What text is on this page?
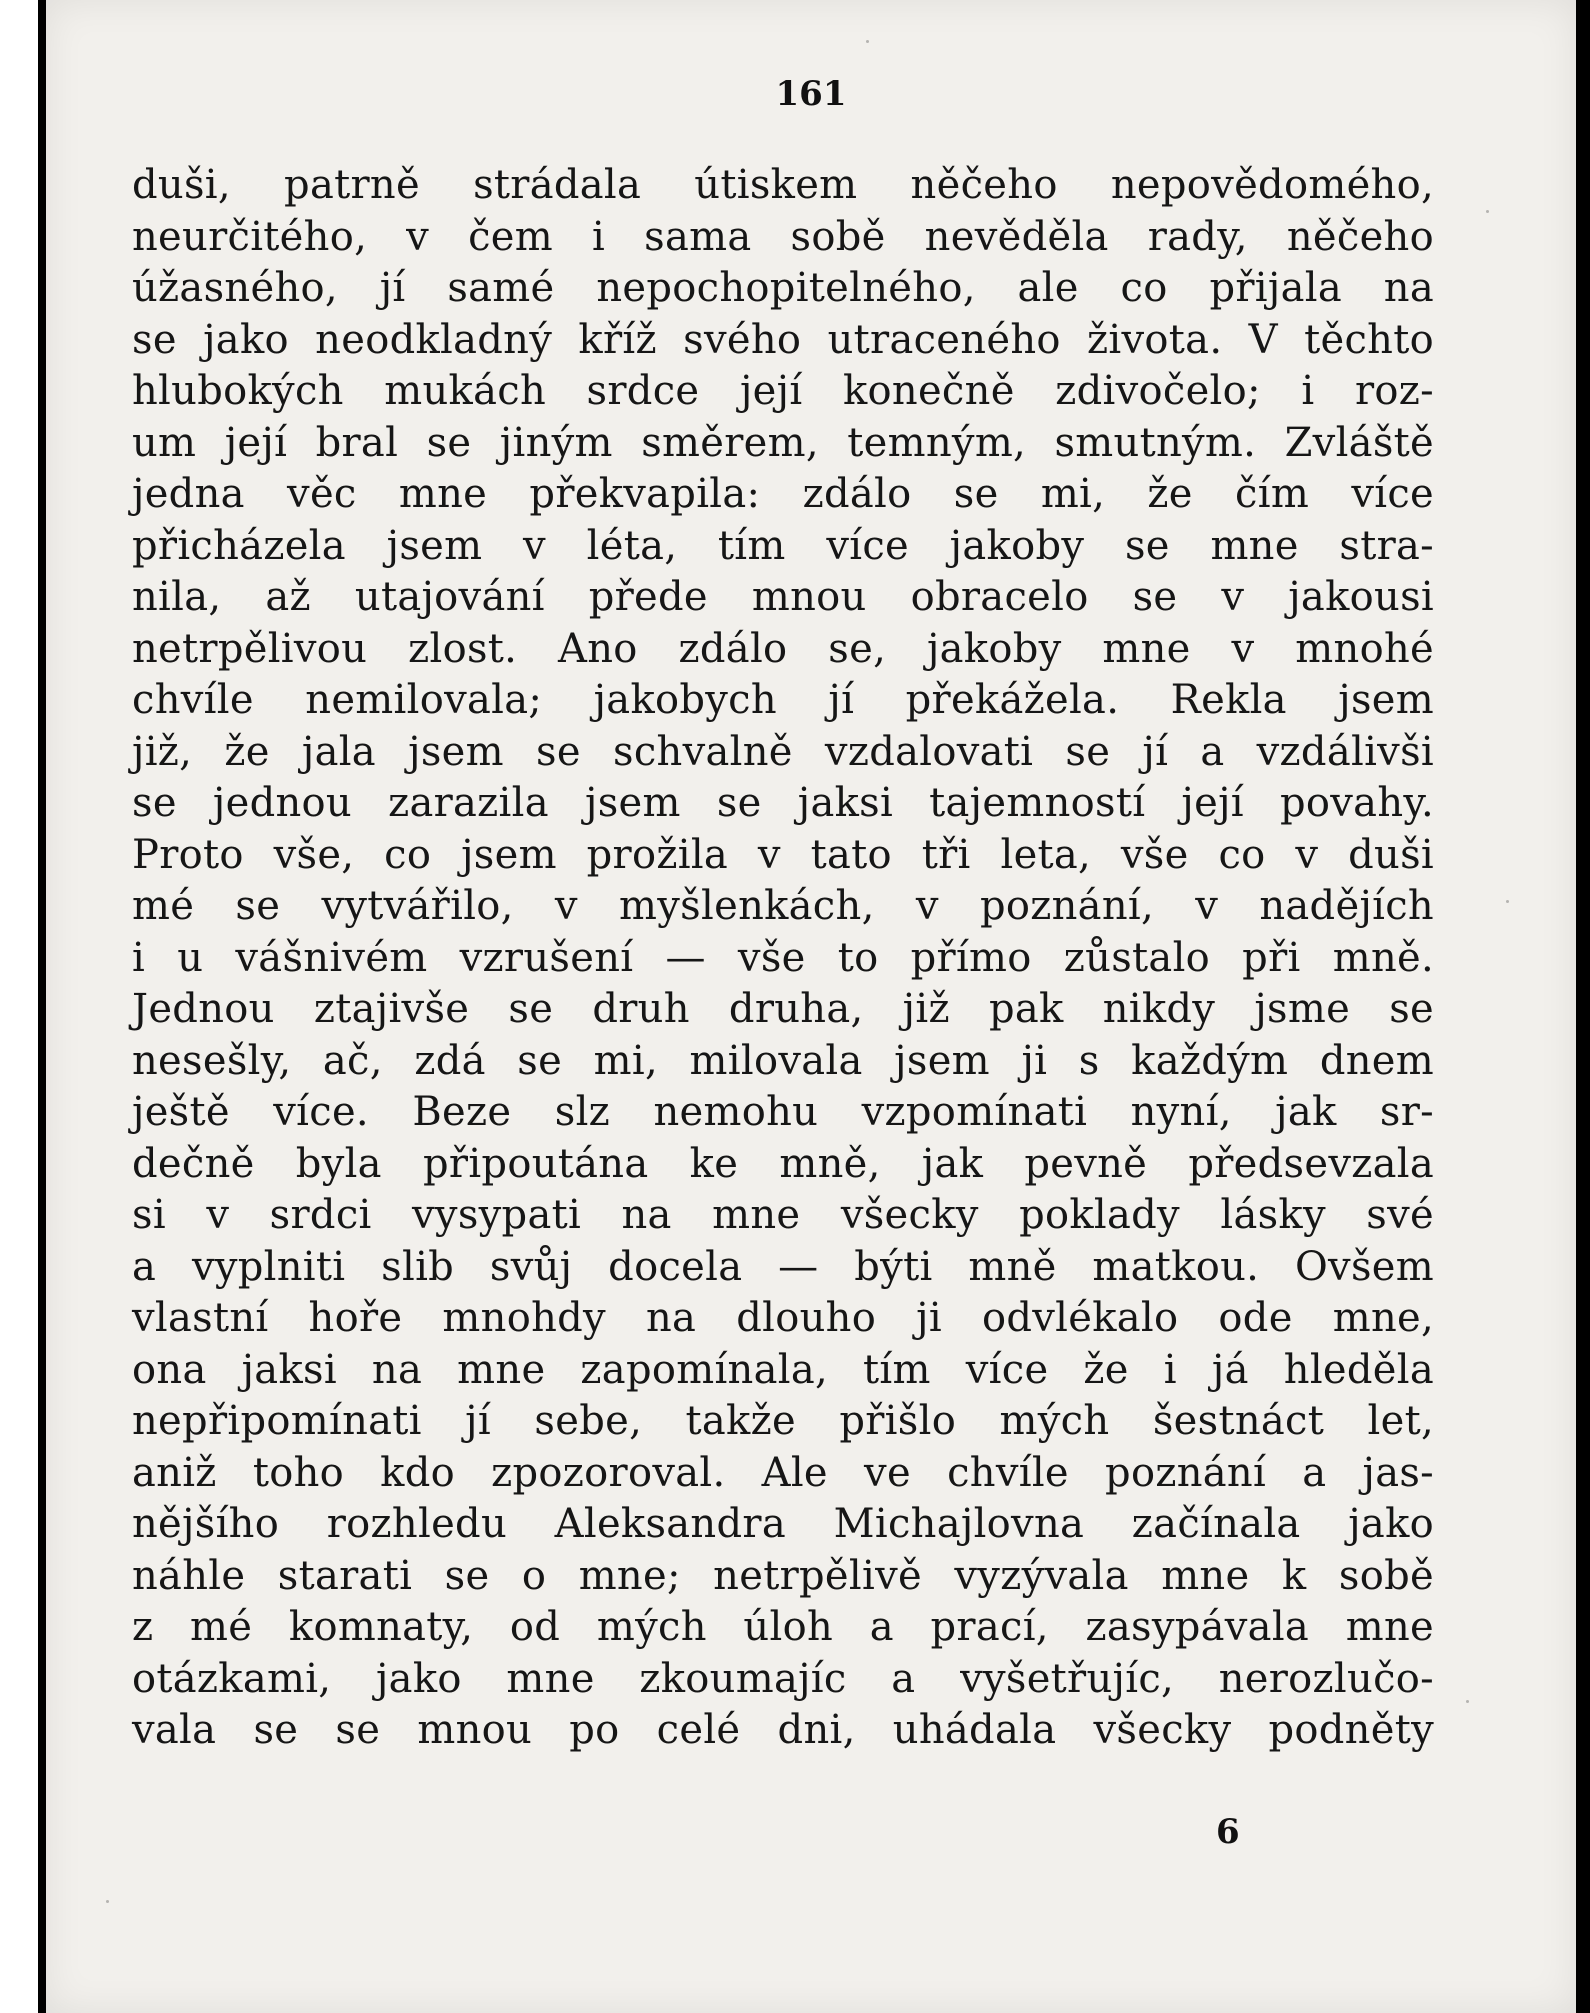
161
duši, patrně strádala útiskem něčeho nepovědomého,
neurčitého, v čem i sama sobě nevěděla rady, něčeho
úžasného, jí samé nepochopitelného, ale co přijala na
se jako neodkladný kříž svého utraceného života. V těchto
hlubokých mukách srdce její konečně zdivočelo; i roz-
um její bral se jiným směrem, temným, smutným. Zvláště
jedna věc mne překvapila: zdálo se mi, že čím více
přicházela jsem v léta, tím více jakoby se mne stra-
nila, až utajování přede mnou obracelo se v jakousi
netrpělivou zlost. Ano zdálo se, jakoby mne v mnohé
chvíle nemilovala; jakobych jí překážela. Rekla jsem
již, že jala jsem se schvalně vzdalovati se jí a vzdálivši
se jednou zarazila jsem se jaksi tajemností její povahy.
Proto vše, co jsem prožila v tato tři leta, vše co v duši
mé se vytvářilo, v myšlenkách, v poznání, v nadějích
i u vášnivém vzrušení — vše to přímo zůstalo při mně.
Jednou ztajivše se druh druha, již pak nikdy jsme se
nesešly, ač, zdá se mi, milovala jsem ji s každým dnem
ještě více. Beze slz nemohu vzpomínati nyní, jak sr-
dečně byla připoutána ke mně, jak pevně předsevzala
si v srdci vysypati na mne všecky poklady lásky své
a vyplniti slib svůj docela — býti mně matkou. Ovšem
vlastní hoře mnohdy na dlouho ji odvlékalo ode mne,
ona jaksi na mne zapomínala, tím více že i já hleděla
nepřipomínati jí sebe, takže přišlo mých šestnáct let,
aniž toho kdo zpozoroval. Ale ve chvíle poznání a jas-
nějšího rozhledu Aleksandra Michajlovna začínala jako
náhle starati se o mne; netrpělivě vyzývala mne k sobě
z mé komnaty, od mých úloh a prací, zasypávala mne
otázkami, jako mne zkoumajíc a vyšetřujíc, nerozlučo-
vala se se mnou po celé dni, uhádala všecky podněty
6
